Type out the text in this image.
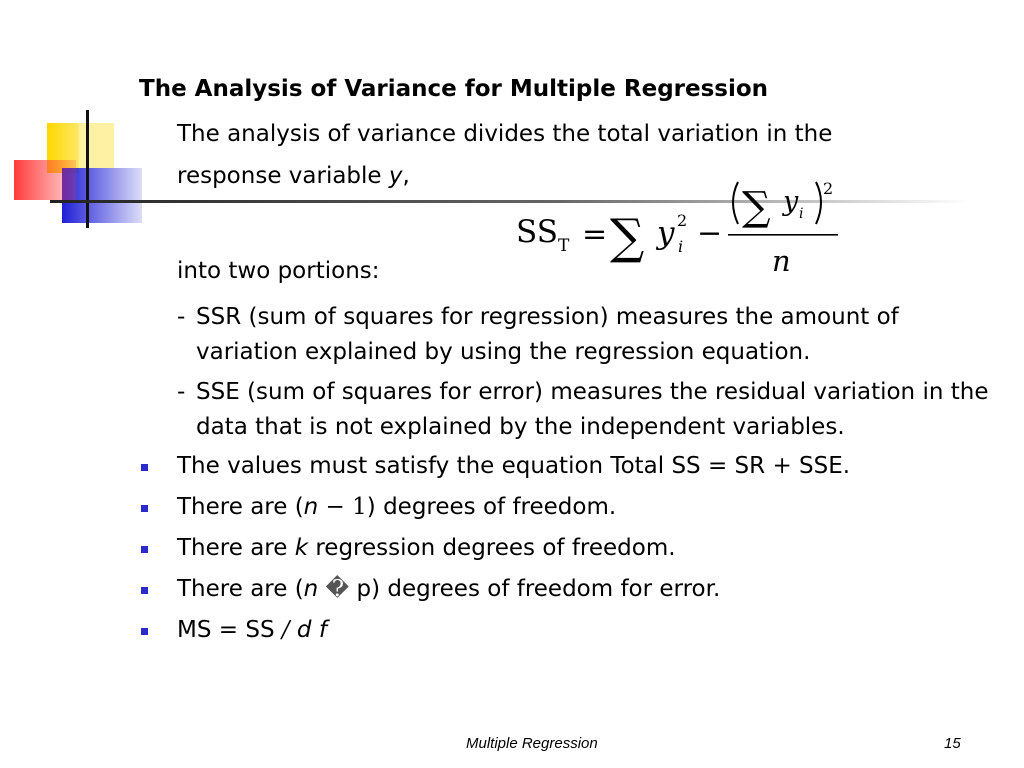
The Analysis of Variance for Multiple Regression
The analysis of variance divides the total variation in the
response variable y,
SS T = ∑ y i
2 −
∑ y i
2
n
into two portions:
- SSR (sum of squares for regression) measures the amount of variation explained by using the regression equation.
- SSE (sum of squares for error) measures the residual variation in the data that is not explained by the independent variables.
The values must satisfy the equation Total SS = SR + SSE.
There are (n − 1) degrees of freedom.
There are k regression degrees of freedom.
There are (n � p) degrees of freedom for error.
MS = SS / d f
Multiple Regression	15
